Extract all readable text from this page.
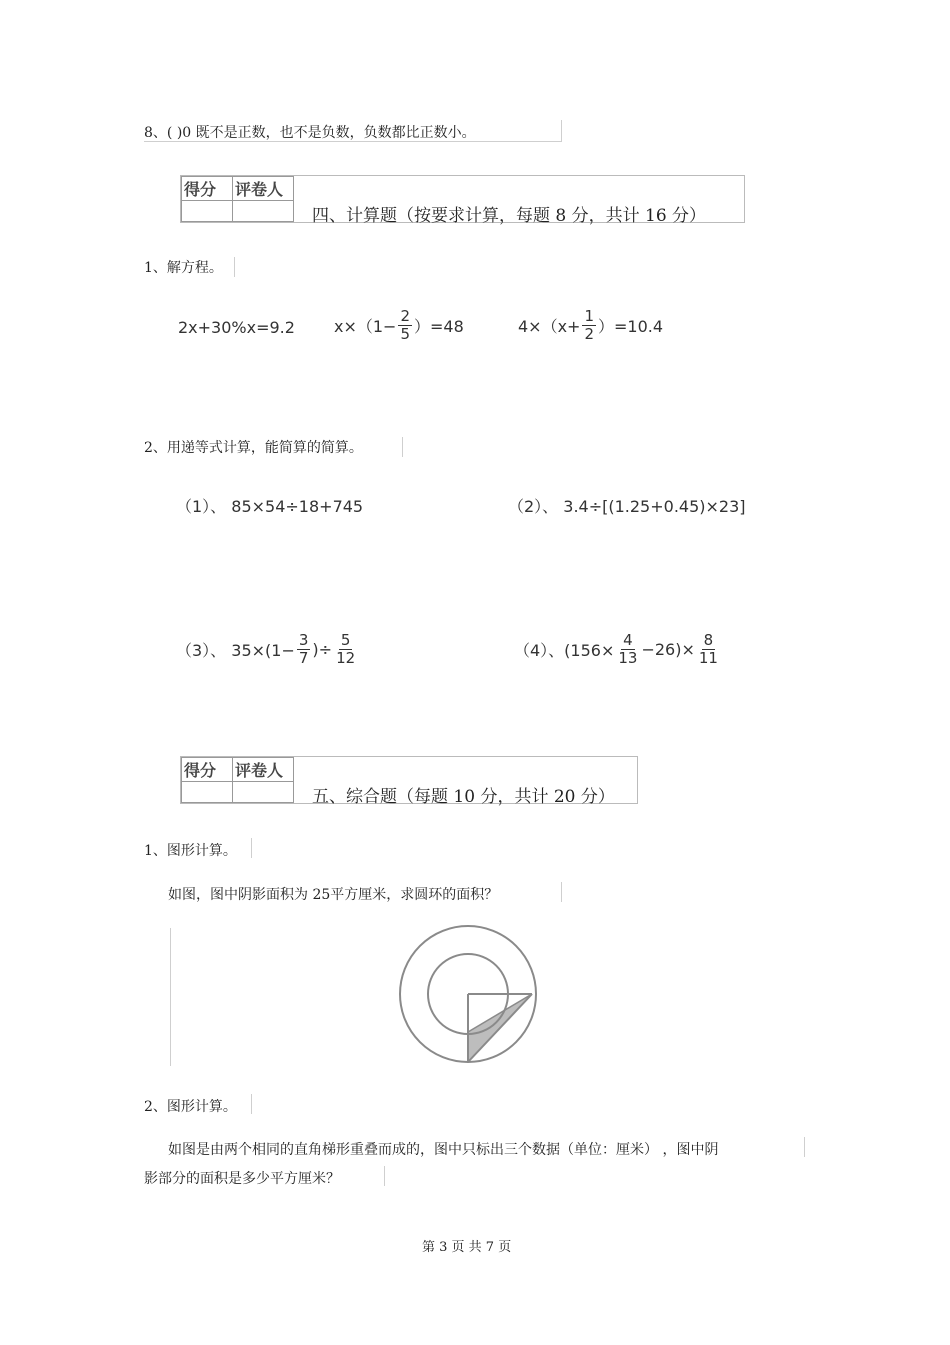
8、( )0 既不是正数，也不是负数，负数都比正数小。
得分	评卷人

四、计算题（按要求计算，每题 8 分，共计 16 分）
1、解方程。
2x+30%x=9.2 $x\times(1- \frac{2}{5} )=48$	$4\times(x+ \frac{1}{2} )=10.4$
2、用递等式计算，能简算的简算。
（1）、 85×54÷18+745	（2）、 3.4÷[(1.25+0.45)×23]
（3）、 $35\times(1- \frac{3}{7}$ )÷ $\frac{5}{12}$	（4）、$(156\times \frac{4}{13} -26)\times \frac{8}{11}$
得分	评卷人

五、综合题（每题 10 分，共计 20 分）
1、图形计算。
如图，图中阴影面积为 25平方厘米，求圆环的面积？
2、图形计算。
如图是由两个相同的直角梯形重叠而成的，图中只标出三个数据（单位：厘米） ，图中阴
影部分的面积是多少平方厘米？
第 3 页 共 7 页
